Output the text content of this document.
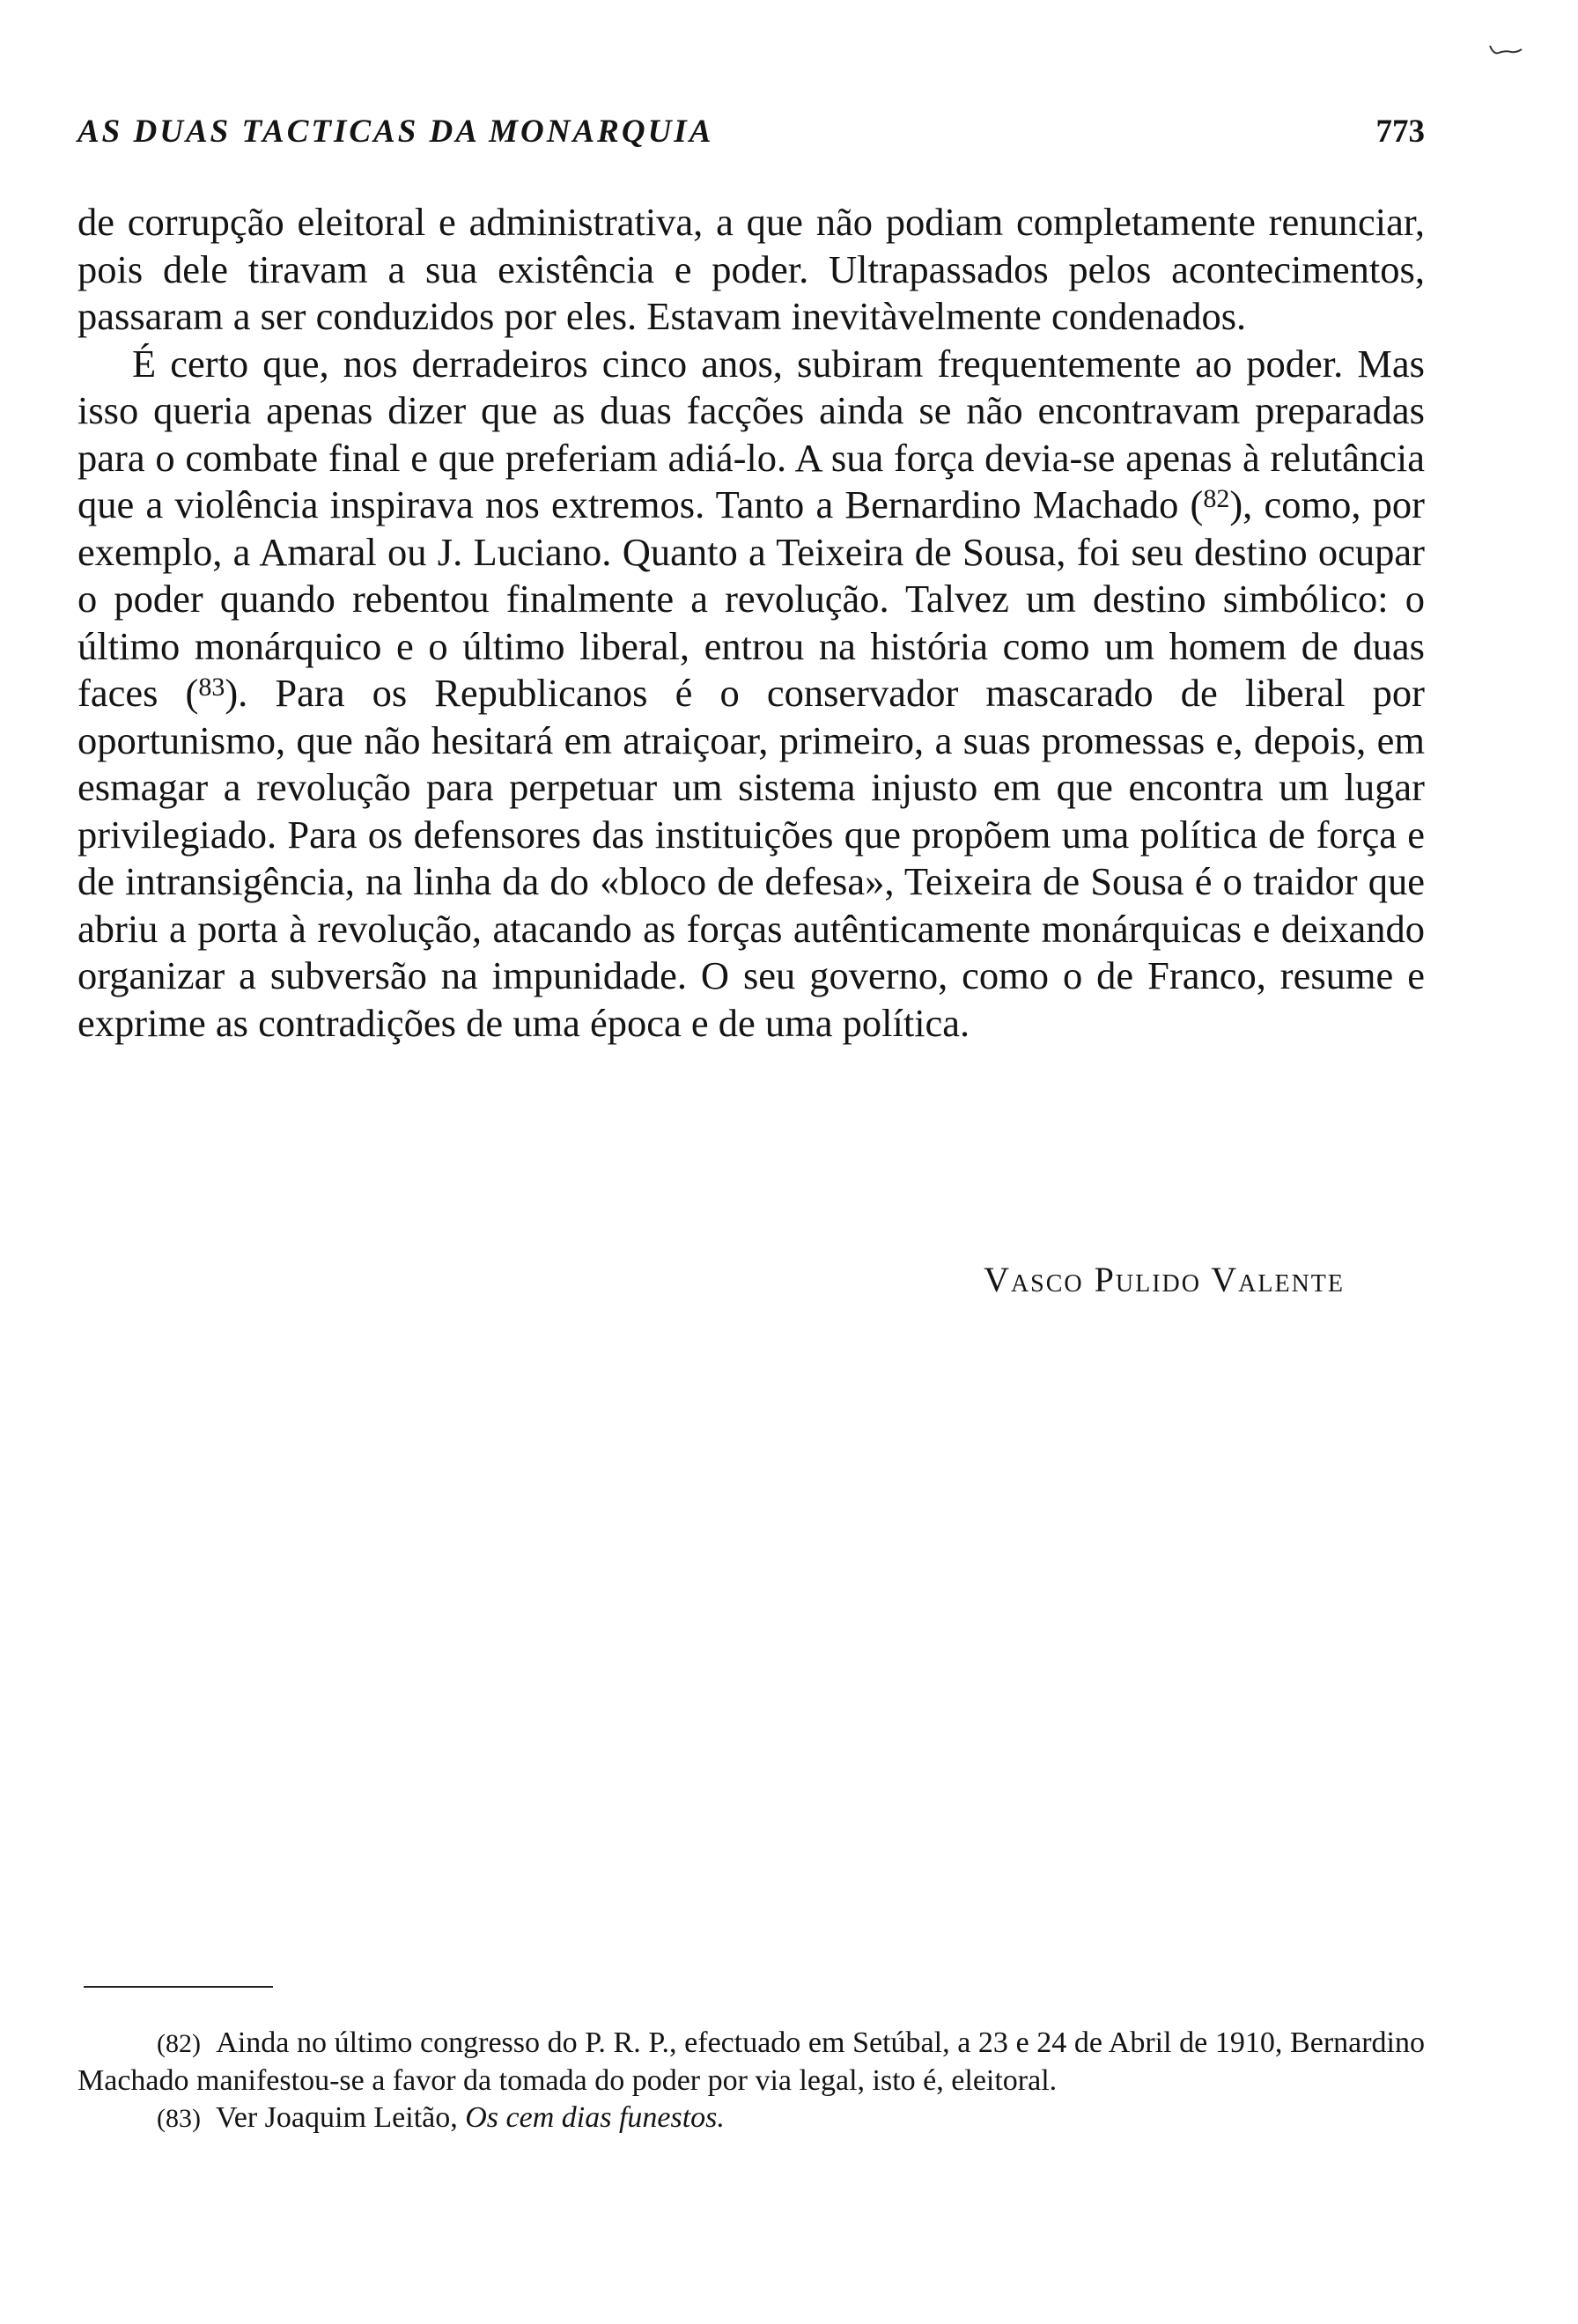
AS DUAS TACTICAS DA MONARQUIA	773

de corrupção eleitoral e administrativa, a que não podiam completamente renunciar, pois dele tiravam a sua existência e poder. Ultrapassados pelos acontecimentos, passaram a ser conduzidos por eles. Estavam inevitàvelmente condenados.

É certo que, nos derradeiros cinco anos, subiram frequentemente ao poder. Mas isso queria apenas dizer que as duas facções ainda se não encontravam preparadas para o combate final e que preferiam adiá-lo. A sua força devia-se apenas à relutância que a violência inspirava nos extremos. Tanto a Bernardino Machado ($^{82}$), como, por exemplo, a Amaral ou J. Luciano. Quanto a Teixeira de Sousa, foi seu destino ocupar o poder quando rebentou finalmente a revolução. Talvez um destino simbólico: o último monárquico e o último liberal, entrou na história como um homem de duas faces ($^{83}$). Para os Republicanos é o conservador mascarado de liberal por oportunismo, que não hesitará em atraiçoar, primeiro, a suas promessas e, depois, em esmagar a revolução para perpetuar um sistema injusto em que encontra um lugar privilegiado. Para os defensores das instituições que propõem uma política de força e de intransigência, na linha da do «bloco de defesa», Teixeira de Sousa é o traidor que abriu a porta à revolução, atacando as forças autênticamente monárquicas e deixando organizar a subversão na impunidade. O seu governo, como o de Franco, resume e exprime as contradições de uma época e de uma política.

Vasco Pulido Valente

(82) Ainda no último congresso do P. R. P., efectuado em Setúbal, a 23 e 24 de Abril de 1910, Bernardino Machado manifestou-se a favor da tomada do poder por via legal, isto é, eleitoral.

(83) Ver Joaquim Leitão, Os cem dias funestos.
